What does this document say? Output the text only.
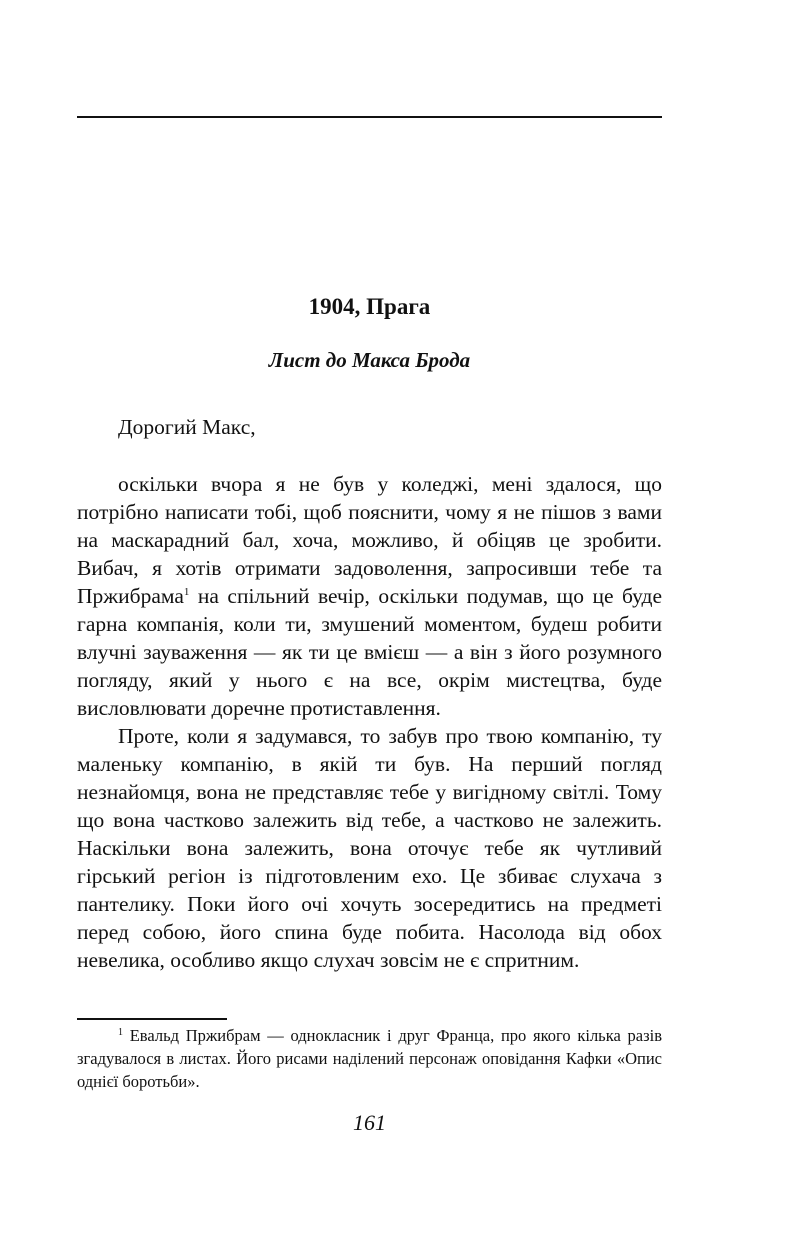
1904, Прага
Лист до Макса Брода
Дорогий Макс,

оскільки вчора я не був у коледжі, мені здалося, що потрібно написати тобі, щоб пояснити, чому я не пішов з вами на маскарадний бал, хоча, можливо, й обіцяв це зробити. Вибач, я хотів отримати задоволення, запросивши тебе та Пржибрама$^1$ на спільний вечір, оскільки подумав, що це буде гарна компанія, коли ти, змушений моментом, будеш робити влучні зауваження — як ти це вмієш — а він з його розумного погляду, який у нього є на все, окрім мистецтва, буде висловлювати доречне протиставлення.

Проте, коли я задумався, то забув про твою компанію, ту маленьку компанію, в якій ти був. На перший погляд незнайомця, вона не представляє тебе у вигідному світлі. Тому що вона частково залежить від тебе, а частково не залежить. Наскільки вона залежить, вона оточує тебе як чутливий гірський регіон із підготовленим ехо. Це збиває слухача з пантелику. Поки його очі хочуть зосередитись на предметі перед собою, його спина буде побита. Насолода від обох невелика, особливо якщо слухач зовсім не є спритним.

$^1$ Евальд Пржибрам — однокласник і друг Франца, про якого кілька разів згадувалося в листах. Його рисами наділений персонаж оповідання Кафки «Опис однієї боротьби».

161
